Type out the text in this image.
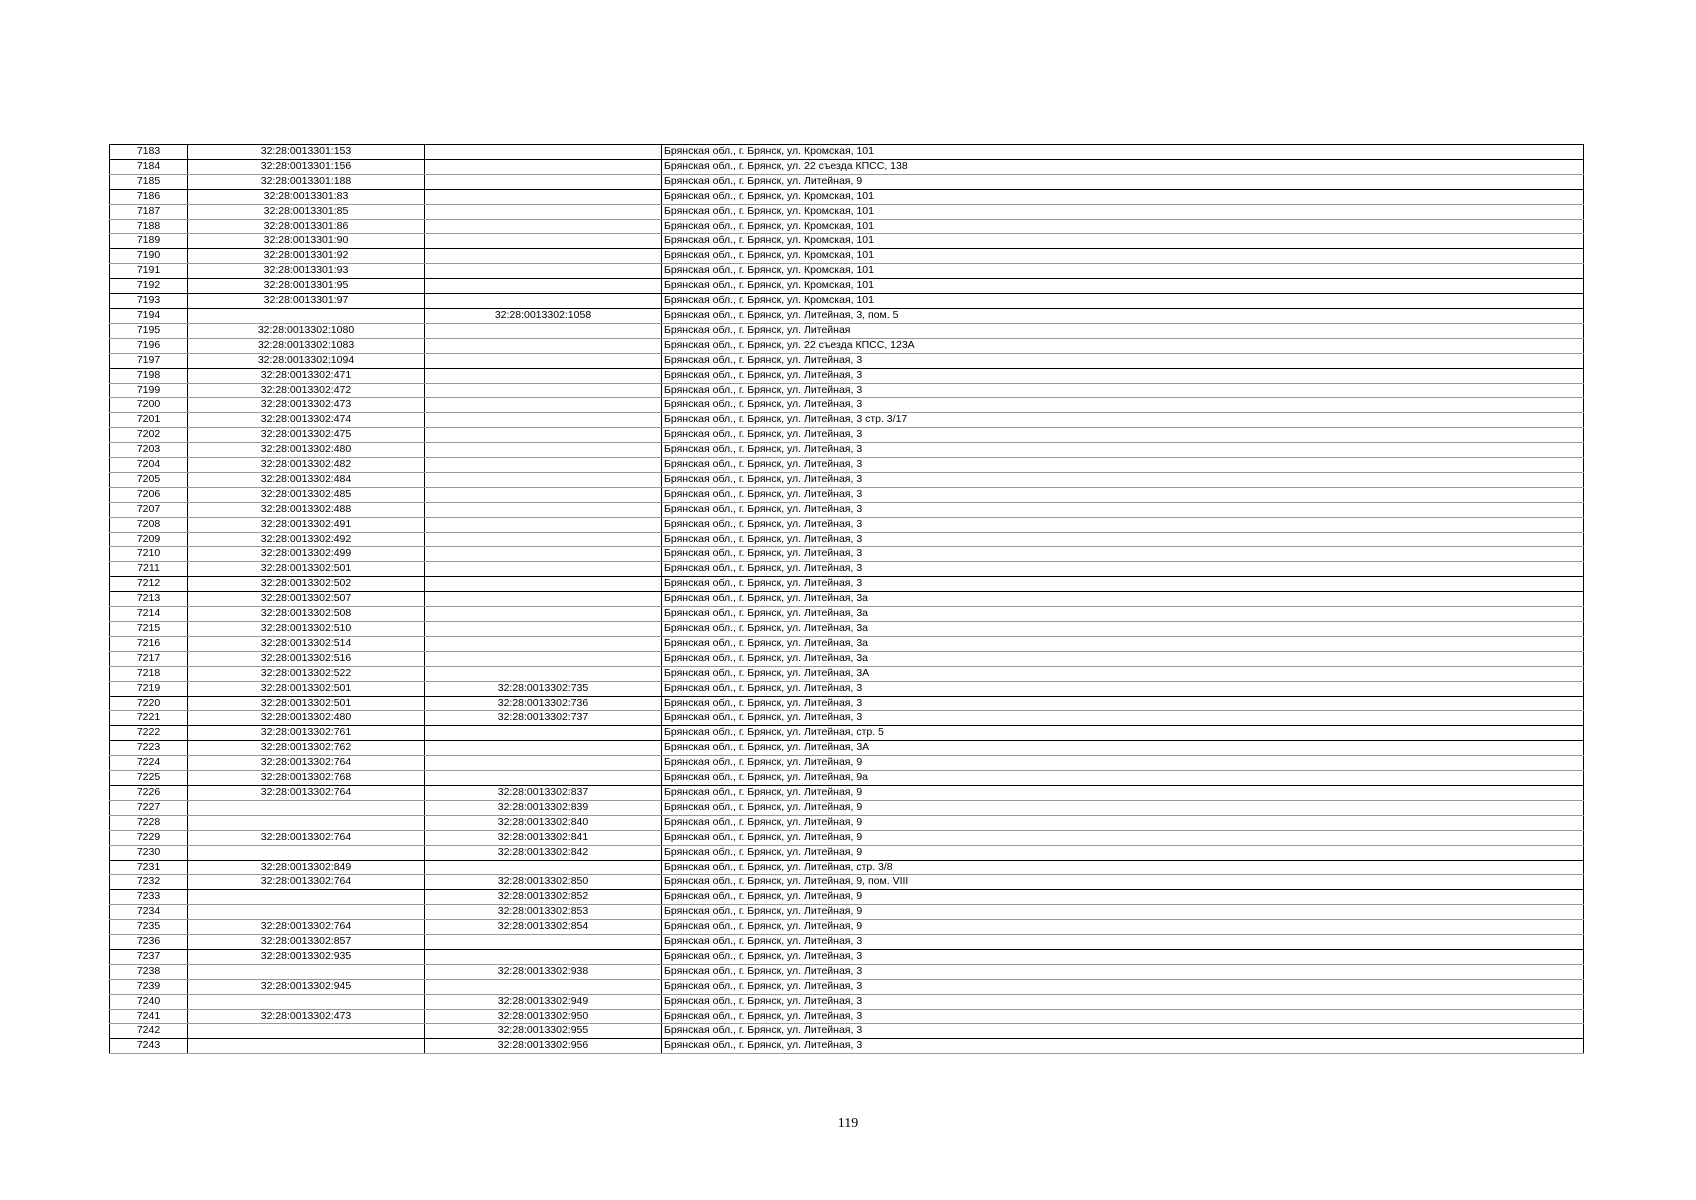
7183	32:28:0013301:153		Брянская обл., г. Брянск, ул. Кромская, 101
7184	32:28:0013301:156		Брянская обл., г. Брянск, ул. 22 съезда КПСС, 138
7185	32:28:0013301:188		Брянская обл., г. Брянск, ул. Литейная, 9
7186	32:28:0013301:83		Брянская обл., г. Брянск, ул. Кромская, 101
7187	32:28:0013301:85		Брянская обл., г. Брянск, ул. Кромская, 101
7188	32:28:0013301:86		Брянская обл., г. Брянск, ул. Кромская, 101
7189	32:28:0013301:90		Брянская обл., г. Брянск, ул. Кромская, 101
7190	32:28:0013301:92		Брянская обл., г. Брянск, ул. Кромская, 101
7191	32:28:0013301:93		Брянская обл., г. Брянск, ул. Кромская, 101
7192	32:28:0013301:95		Брянская обл., г. Брянск, ул. Кромская, 101
7193	32:28:0013301:97		Брянская обл., г. Брянск, ул. Кромская, 101
7194		32:28:0013302:1058	Брянская обл., г. Брянск, ул. Литейная, 3, пом. 5
7195	32:28:0013302:1080		Брянская обл., г. Брянск, ул. Литейная
7196	32:28:0013302:1083		Брянская обл., г. Брянск, ул. 22 съезда КПСС, 123А
7197	32:28:0013302:1094		Брянская обл., г. Брянск, ул. Литейная, 3
7198	32:28:0013302:471		Брянская обл., г. Брянск, ул. Литейная, 3
7199	32:28:0013302:472		Брянская обл., г. Брянск, ул. Литейная, 3
7200	32:28:0013302:473		Брянская обл., г. Брянск, ул. Литейная, 3
7201	32:28:0013302:474		Брянская обл., г. Брянск, ул. Литейная, 3 стр. 3/17
7202	32:28:0013302:475		Брянская обл., г. Брянск, ул. Литейная, 3
7203	32:28:0013302:480		Брянская обл., г. Брянск, ул. Литейная, 3
7204	32:28:0013302:482		Брянская обл., г. Брянск, ул. Литейная, 3
7205	32:28:0013302:484		Брянская обл., г. Брянск, ул. Литейная, 3
7206	32:28:0013302:485		Брянская обл., г. Брянск, ул. Литейная, 3
7207	32:28:0013302:488		Брянская обл., г. Брянск, ул. Литейная, 3
7208	32:28:0013302:491		Брянская обл., г. Брянск, ул. Литейная, 3
7209	32:28:0013302:492		Брянская обл., г. Брянск, ул. Литейная, 3
7210	32:28:0013302:499		Брянская обл., г. Брянск, ул. Литейная, 3
7211	32:28:0013302:501		Брянская обл., г. Брянск, ул. Литейная, 3
7212	32:28:0013302:502		Брянская обл., г. Брянск, ул. Литейная, 3
7213	32:28:0013302:507		Брянская обл., г. Брянск, ул. Литейная, 3а
7214	32:28:0013302:508		Брянская обл., г. Брянск, ул. Литейная, 3а
7215	32:28:0013302:510		Брянская обл., г. Брянск, ул. Литейная, 3а
7216	32:28:0013302:514		Брянская обл., г. Брянск, ул. Литейная, 3а
7217	32:28:0013302:516		Брянская обл., г. Брянск, ул. Литейная, 3а
7218	32:28:0013302:522		Брянская обл., г. Брянск, ул. Литейная, 3А
7219	32:28:0013302:501	32:28:0013302:735	Брянская обл., г. Брянск, ул. Литейная, 3
7220	32:28:0013302:501	32:28:0013302:736	Брянская обл., г. Брянск, ул. Литейная, 3
7221	32:28:0013302:480	32:28:0013302:737	Брянская обл., г. Брянск, ул. Литейная, 3
7222	32:28:0013302:761		Брянская обл., г. Брянск, ул. Литейная, стр. 5
7223	32:28:0013302:762		Брянская обл., г. Брянск, ул. Литейная, 3А
7224	32:28:0013302:764		Брянская обл., г. Брянск, ул. Литейная, 9
7225	32:28:0013302:768		Брянская обл., г. Брянск, ул. Литейная, 9а
7226	32:28:0013302:764	32:28:0013302:837	Брянская обл., г. Брянск, ул. Литейная, 9
7227		32:28:0013302:839	Брянская обл., г. Брянск, ул. Литейная, 9
7228		32:28:0013302:840	Брянская обл., г. Брянск, ул. Литейная, 9
7229	32:28:0013302:764	32:28:0013302:841	Брянская обл., г. Брянск, ул. Литейная, 9
7230		32:28:0013302:842	Брянская обл., г. Брянск, ул. Литейная, 9
7231	32:28:0013302:849		Брянская обл., г. Брянск, ул. Литейная, стр. 3/8
7232	32:28:0013302:764	32:28:0013302:850	Брянская обл., г. Брянск, ул. Литейная, 9, пом. VIII
7233		32:28:0013302:852	Брянская обл., г. Брянск, ул. Литейная, 9
7234		32:28:0013302:853	Брянская обл., г. Брянск, ул. Литейная, 9
7235	32:28:0013302:764	32:28:0013302:854	Брянская обл., г. Брянск, ул. Литейная, 9
7236	32:28:0013302:857		Брянская обл., г. Брянск, ул. Литейная, 3
7237	32:28:0013302:935		Брянская обл., г. Брянск, ул. Литейная, 3
7238		32:28:0013302:938	Брянская обл., г. Брянск, ул. Литейная, 3
7239	32:28:0013302:945		Брянская обл., г. Брянск, ул. Литейная, 3
7240		32:28:0013302:949	Брянская обл., г. Брянск, ул. Литейная, 3
7241	32:28:0013302:473	32:28:0013302:950	Брянская обл., г. Брянск, ул. Литейная, 3
7242		32:28:0013302:955	Брянская обл., г. Брянск, ул. Литейная, 3
7243		32:28:0013302:956	Брянская обл., г. Брянск, ул. Литейная, 3
119
